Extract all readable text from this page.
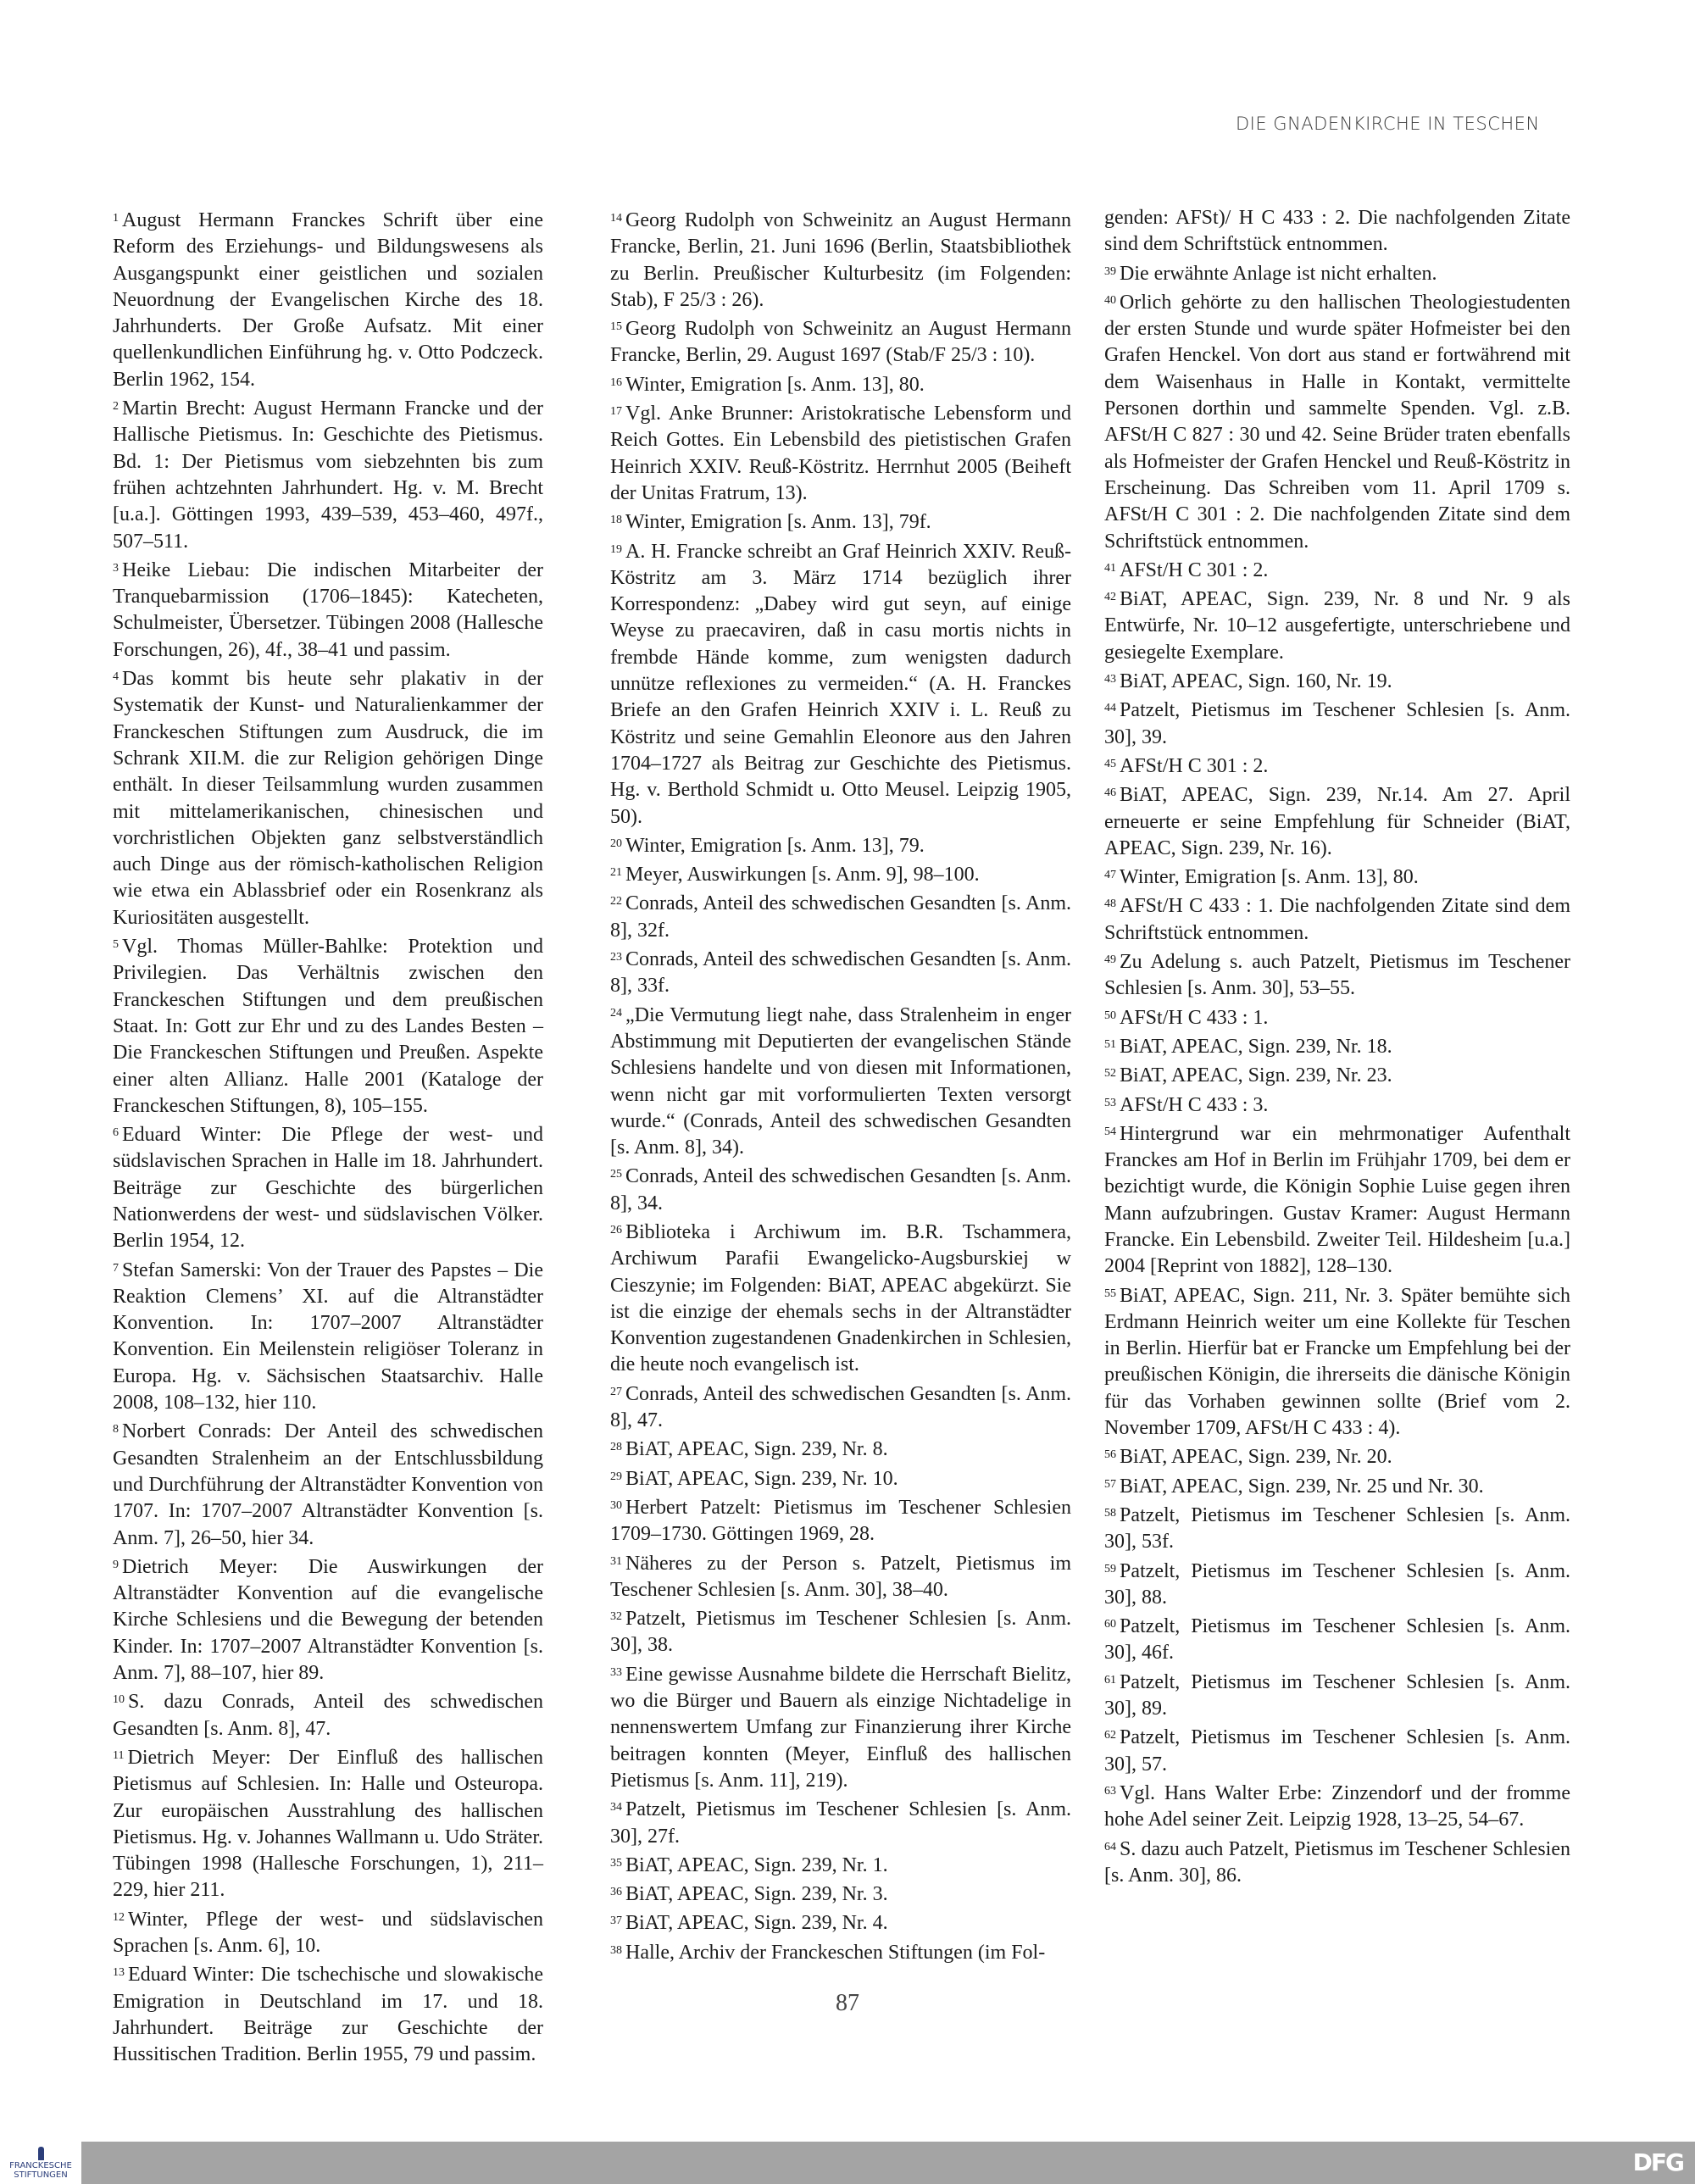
DIE GNADENKIRCHE IN TESCHEN

$^1$ August Hermann Franckes Schrift über eine Reform des Erziehungs- und Bildungswesens als Ausgangspunkt einer geistlichen und sozialen Neuordnung der Evangelischen Kirche des 18. Jahrhunderts. Der Große Aufsatz. Mit einer quellenkundlichen Einführung hg. v. Otto Podczeck. Berlin 1962, 154.

$^2$ Martin Brecht: August Hermann Francke und der Hallische Pietismus. In: Geschichte des Pietismus. Bd. 1: Der Pietismus vom siebzehnten bis zum frühen achtzehnten Jahrhundert. Hg. v. M. Brecht [u.a.]. Göttingen 1993, 439–539, 453–460, 497f., 507–511.

$^3$ Heike Liebau: Die indischen Mitarbeiter der Tranquebarmission (1706–1845): Katecheten, Schulmeister, Übersetzer. Tübingen 2008 (Hallesche Forschungen, 26), 4f., 38–41 und passim.

$^4$ Das kommt bis heute sehr plakativ in der Systematik der Kunst- und Naturalienkammer der Franckeschen Stiftungen zum Ausdruck, die im Schrank XII.M. die zur Religion gehörigen Dinge enthält. In dieser Teilsammlung wurden zusammen mit mittelamerikanischen, chinesischen und vorchristlichen Objekten ganz selbstverständlich auch Dinge aus der römisch-katholischen Religion wie etwa ein Ablassbrief oder ein Rosenkranz als Kuriositäten ausgestellt.

$^5$ Vgl. Thomas Müller-Bahlke: Protektion und Privilegien. Das Verhältnis zwischen den Franckeschen Stiftungen und dem preußischen Staat. In: Gott zur Ehr und zu des Landes Besten – Die Franckeschen Stiftungen und Preußen. Aspekte einer alten Allianz. Halle 2001 (Kataloge der Franckeschen Stiftungen, 8), 105–155.

$^6$ Eduard Winter: Die Pflege der west- und südslavischen Sprachen in Halle im 18. Jahrhundert. Beiträge zur Geschichte des bürgerlichen Nationwerdens der west- und südslavischen Völker. Berlin 1954, 12.

$^7$ Stefan Samerski: Von der Trauer des Papstes – Die Reaktion Clemens’ XI. auf die Altranstädter Konvention. In: 1707–2007 Altranstädter Konvention. Ein Meilenstein religiöser Toleranz in Europa. Hg. v. Sächsischen Staatsarchiv. Halle 2008, 108–132, hier 110.

$^8$ Norbert Conrads: Der Anteil des schwedischen Gesandten Stralenheim an der Entschlussbildung und Durchführung der Altranstädter Konvention von 1707. In: 1707–2007 Altranstädter Konvention [s. Anm. 7], 26–50, hier 34.

$^9$ Dietrich Meyer: Die Auswirkungen der Altranstädter Konvention auf die evangelische Kirche Schlesiens und die Bewegung der betenden Kinder. In: 1707–2007 Altranstädter Konvention [s. Anm. 7], 88–107, hier 89.

$^{10}$ S. dazu Conrads, Anteil des schwedischen Gesandten [s. Anm. 8], 47.

$^{11}$ Dietrich Meyer: Der Einfluß des hallischen Pietismus auf Schlesien. In: Halle und Osteuropa. Zur europäischen Ausstrahlung des hallischen Pietismus. Hg. v. Johannes Wallmann u. Udo Sträter. Tübingen 1998 (Hallesche Forschungen, 1), 211–229, hier 211.

$^{12}$ Winter, Pflege der west- und südslavischen Sprachen [s. Anm. 6], 10.

$^{13}$ Eduard Winter: Die tschechische und slowakische Emigration in Deutschland im 17. und 18. Jahrhundert. Beiträge zur Geschichte der Hussitischen Tradition. Berlin 1955, 79 und passim.

$^{14}$ Georg Rudolph von Schweinitz an August Hermann Francke, Berlin, 21. Juni 1696 (Berlin, Staatsbibliothek zu Berlin. Preußischer Kulturbesitz (im Folgenden: Stab), F 25/3 : 26).

$^{15}$ Georg Rudolph von Schweinitz an August Hermann Francke, Berlin, 29. August 1697 (Stab/F 25/3 : 10).

$^{16}$ Winter, Emigration [s. Anm. 13], 80.

$^{17}$ Vgl. Anke Brunner: Aristokratische Lebensform und Reich Gottes. Ein Lebensbild des pietistischen Grafen Heinrich XXIV. Reuß-Köstritz. Herrnhut 2005 (Beiheft der Unitas Fratrum, 13).

$^{18}$ Winter, Emigration [s. Anm. 13], 79f.

$^{19}$ A. H. Francke schreibt an Graf Heinrich XXIV. Reuß-Köstritz am 3. März 1714 bezüglich ihrer Korrespondenz: „Dabey wird gut seyn, auf einige Weyse zu praecaviren, daß in casu mortis nichts in frembde Hände komme, zum wenigsten dadurch unnütze reflexiones zu vermeiden.“ (A. H. Franckes Briefe an den Grafen Heinrich XXIV i. L. Reuß zu Köstritz und seine Gemahlin Eleonore aus den Jahren 1704–1727 als Beitrag zur Geschichte des Pietismus. Hg. v. Berthold Schmidt u. Otto Meusel. Leipzig 1905, 50).

$^{20}$ Winter, Emigration [s. Anm. 13], 79.

$^{21}$ Meyer, Auswirkungen [s. Anm. 9], 98–100.

$^{22}$ Conrads, Anteil des schwedischen Gesandten [s. Anm. 8], 32f.

$^{23}$ Conrads, Anteil des schwedischen Gesandten [s. Anm. 8], 33f.

$^{24}$ „Die Vermutung liegt nahe, dass Stralenheim in enger Abstimmung mit Deputierten der evangelischen Stände Schlesiens handelte und von diesen mit Informationen, wenn nicht gar mit vorformulierten Texten versorgt wurde.“ (Conrads, Anteil des schwedischen Gesandten [s. Anm. 8], 34).

$^{25}$ Conrads, Anteil des schwedischen Gesandten [s. Anm. 8], 34.

$^{26}$ Biblioteka i Archiwum im. B.R. Tschammera, Archiwum Parafii Ewangelicko-Augsburskiej w Cieszynie; im Folgenden: BiAT, APEAC abgekürzt. Sie ist die einzige der ehemals sechs in der Altranstädter Konvention zugestandenen Gnadenkirchen in Schlesien, die heute noch evangelisch ist.

$^{27}$ Conrads, Anteil des schwedischen Gesandten [s. Anm. 8], 47.

$^{28}$ BiAT, APEAC, Sign. 239, Nr. 8.

$^{29}$ BiAT, APEAC, Sign. 239, Nr. 10.

$^{30}$ Herbert Patzelt: Pietismus im Teschener Schlesien 1709–1730. Göttingen 1969, 28.

$^{31}$ Näheres zu der Person s. Patzelt, Pietismus im Teschener Schlesien [s. Anm. 30], 38–40.

$^{32}$ Patzelt, Pietismus im Teschener Schlesien [s. Anm. 30], 38.

$^{33}$ Eine gewisse Ausnahme bildete die Herrschaft Bielitz, wo die Bürger und Bauern als einzige Nichtadelige in nennenswertem Umfang zur Finanzierung ihrer Kirche beitragen konnten (Meyer, Einfluß des hallischen Pietismus [s. Anm. 11], 219).

$^{34}$ Patzelt, Pietismus im Teschener Schlesien [s. Anm. 30], 27f.

$^{35}$ BiAT, APEAC, Sign. 239, Nr. 1.

$^{36}$ BiAT, APEAC, Sign. 239, Nr. 3.

$^{37}$ BiAT, APEAC, Sign. 239, Nr. 4.

$^{38}$ Halle, Archiv der Franckeschen Stiftungen (im Fol-

genden: AFSt)/ H C 433 : 2. Die nachfolgenden Zitate sind dem Schriftstück entnommen.

$^{39}$ Die erwähnte Anlage ist nicht erhalten.

$^{40}$ Orlich gehörte zu den hallischen Theologiestudenten der ersten Stunde und wurde später Hofmeister bei den Grafen Henckel. Von dort aus stand er fortwährend mit dem Waisenhaus in Halle in Kontakt, vermittelte Personen dorthin und sammelte Spenden. Vgl. z.B. AFSt/H C 827 : 30 und 42. Seine Brüder traten ebenfalls als Hofmeister der Grafen Henckel und Reuß-Köstritz in Erscheinung. Das Schreiben vom 11. April 1709 s. AFSt/H C 301 : 2. Die nachfolgenden Zitate sind dem Schriftstück entnommen.

$^{41}$ AFSt/H C 301 : 2.

$^{42}$ BiAT, APEAC, Sign. 239, Nr. 8 und Nr. 9 als Entwürfe, Nr. 10–12 ausgefertigte, unterschriebene und gesiegelte Exemplare.

$^{43}$ BiAT, APEAC, Sign. 160, Nr. 19.

$^{44}$ Patzelt, Pietismus im Teschener Schlesien [s. Anm. 30], 39.

$^{45}$ AFSt/H C 301 : 2.

$^{46}$ BiAT, APEAC, Sign. 239, Nr.14. Am 27. April erneuerte er seine Empfehlung für Schneider (BiAT, APEAC, Sign. 239, Nr. 16).

$^{47}$ Winter, Emigration [s. Anm. 13], 80.

$^{48}$ AFSt/H C 433 : 1. Die nachfolgenden Zitate sind dem Schriftstück entnommen.

$^{49}$ Zu Adelung s. auch Patzelt, Pietismus im Teschener Schlesien [s. Anm. 30], 53–55.

$^{50}$ AFSt/H C 433 : 1.

$^{51}$ BiAT, APEAC, Sign. 239, Nr. 18.

$^{52}$ BiAT, APEAC, Sign. 239, Nr. 23.

$^{53}$ AFSt/H C 433 : 3.

$^{54}$ Hintergrund war ein mehrmonatiger Aufenthalt Franckes am Hof in Berlin im Frühjahr 1709, bei dem er bezichtigt wurde, die Königin Sophie Luise gegen ihren Mann aufzubringen. Gustav Kramer: August Hermann Francke. Ein Lebensbild. Zweiter Teil. Hildesheim [u.a.] 2004 [Reprint von 1882], 128–130.

$^{55}$ BiAT, APEAC, Sign. 211, Nr. 3. Später bemühte sich Erdmann Heinrich weiter um eine Kollekte für Teschen in Berlin. Hierfür bat er Francke um Empfehlung bei der preußischen Königin, die ihrerseits die dänische Königin für das Vorhaben gewinnen sollte (Brief vom 2. November 1709, AFSt/H C 433 : 4).

$^{56}$ BiAT, APEAC, Sign. 239, Nr. 20.

$^{57}$ BiAT, APEAC, Sign. 239, Nr. 25 und Nr. 30.

$^{58}$ Patzelt, Pietismus im Teschener Schlesien [s. Anm. 30], 53f.

$^{59}$ Patzelt, Pietismus im Teschener Schlesien [s. Anm. 30], 88.

$^{60}$ Patzelt, Pietismus im Teschener Schlesien [s. Anm. 30], 46f.

$^{61}$ Patzelt, Pietismus im Teschener Schlesien [s. Anm. 30], 89.

$^{62}$ Patzelt, Pietismus im Teschener Schlesien [s. Anm. 30], 57.

$^{63}$ Vgl. Hans Walter Erbe: Zinzendorf und der fromme hohe Adel seiner Zeit. Leipzig 1928, 13–25, 54–67.

$^{64}$ S. dazu auch Patzelt, Pietismus im Teschener Schlesien [s. Anm. 30], 86.

87
FRANCKESCHE STIFTUNGEN	DFG
